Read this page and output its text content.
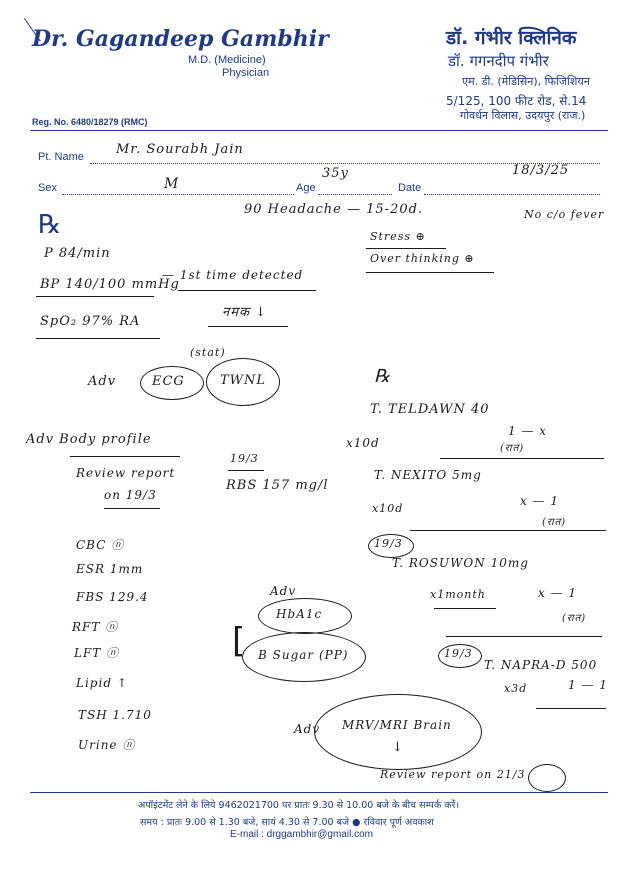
Dr. Gagandeep Gambhir
M.D. (Medicine)
Physician
डॉ. गंभीर क्लिनिक
डॉ. गगनदीप गंभीर
एम. डी. (मेडिसिन), फिजिशियन
5/125, 100 फीट रोड, से.14
गोवर्धन विलास, उदयपुर (राज.)
Reg. No. 6480/18279 (RMC)
Pt. Name Mr. Sourabh Jain
Sex	M	Age
35y
Date
18/3/25
90 Headache — 15-20d.	No c/o fever
℞
P 84/min
BP 140/100 mmHg
— 1st time detected
SpO₂ 97% RA
नमक ↓
Stress ⊕
Over thinking ⊕
Adv
(stat)
ECG	TWNL
Adv Body profile
Review report
on 19/3
19/3
RBS 157 mg/l
CBC ⓝ
ESR 1mm
FBS 129.4
RFT ⓝ
LFT ⓝ
Lipid ↑
TSH 1.710
Urine ⓝ
Adv
[
HbA1c
B Sugar (PP)
Adv MRV/MRI Brain
↓
Review report on 21/3
℞
T. TELDAWN 40
1 — x
(रात)
x10d
T. NEXITO 5mg
x — 1
(रात)
x10d
19/3
T. ROSUWON 10mg
x1month	x — 1
(रात)
19/3
T. NAPRA-D 500
x3d	1 — 1
अपॉइंटमेंट लेने के लिये 9462021700 पर प्रातः 9.30 से 10.00 बजे के बीच सम्पर्क करें।
समय : प्रातः 9.00 से 1.30 बजे, सायं 4.30 से 7.00 बजे ● रविवार पूर्ण अवकाश
E-mail : drggambhir@gmail.com
